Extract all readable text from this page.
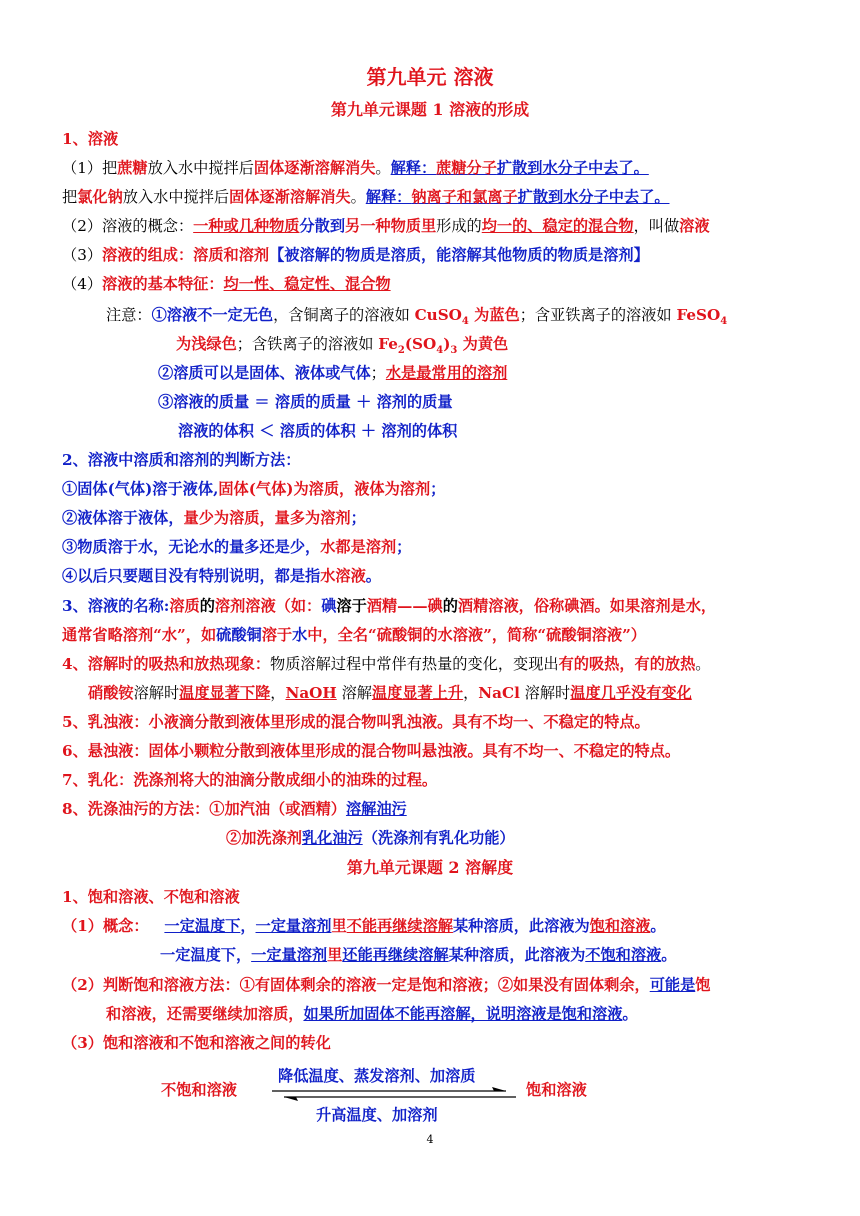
第九单元 溶液
第九单元课题 1 溶液的形成
1、溶液
（1）把蔗糖放入水中搅拌后固体逐渐溶解消失。解释：蔗糖分子扩散到水分子中去了。
把氯化钠放入水中搅拌后固体逐渐溶解消失。解释：钠离子和氯离子扩散到水分子中去了。
（2）溶液的概念：一种或几种物质分散到另一种物质里形成的均一的、稳定的混合物，叫做溶液
（3）溶液的组成：溶质和溶剂【被溶解的物质是溶质，能溶解其他物质的物质是溶剂】
（4）溶液的基本特征：均一性、稳定性、混合物
注意：①溶液不一定无色，含铜离子的溶液如 CuSO$_4$ 为蓝色；含亚铁离子的溶液如 FeSO$_4$
为浅绿色；含铁离子的溶液如 $Fe_2(SO_4)_3$ 为黄色
②溶质可以是固体、液体或气体；水是最常用的溶剂
③溶液的质量 ＝ 溶质的质量 ＋ 溶剂的质量
溶液的体积 ＜ 溶质的体积 ＋ 溶剂的体积
2、溶液中溶质和溶剂的判断方法：
①固体(气体)溶于液体,固体(气体)为溶质，液体为溶剂；
②液体溶于液体，量少为溶质，量多为溶剂；
③物质溶于水，无论水的量多还是少，水都是溶剂；
④以后只要题目没有特别说明，都是指水溶液。
3、溶液的名称:溶质的溶剂溶液（如：碘溶于酒精——碘的酒精溶液，俗称碘酒。如果溶剂是水，
通常省略溶剂“水”，如硫酸铜溶于水中，全名“硫酸铜的水溶液”，简称“硫酸铜溶液”）
4、溶解时的吸热和放热现象：物质溶解过程中常伴有热量的变化，变现出有的吸热，有的放热。
硝酸铵溶解时温度显著下降，NaOH 溶解温度显著上升，NaCl 溶解时温度几乎没有变化
5、乳浊液：小液滴分散到液体里形成的混合物叫乳浊液。具有不均一、不稳定的特点。
6、悬浊液：固体小颗粒分散到液体里形成的混合物叫悬浊液。具有不均一、不稳定的特点。
7、乳化：洗涤剂将大的油滴分散成细小的油珠的过程。
8、洗涤油污的方法：①加汽油（或酒精）溶解油污
②加洗涤剂乳化油污（洗涤剂有乳化功能）
第九单元课题 2 溶解度
1、饱和溶液、不饱和溶液
（1）概念： 一定温度下，一定量溶剂里不能再继续溶解某种溶质，此溶液为饱和溶液。
一定温度下，一定量溶剂里还能再继续溶解某种溶质，此溶液为不饱和溶液。
（2）判断饱和溶液方法：①有固体剩余的溶液一定是饱和溶液；②如果没有固体剩余，可能是饱
和溶液，还需要继续加溶质，如果所加固体不能再溶解，说明溶液是饱和溶液。
（3）饱和溶液和不饱和溶液之间的转化
降低温度、蒸发溶剂、加溶质
不饱和溶液	饱和溶液
升高温度、加溶剂
4
